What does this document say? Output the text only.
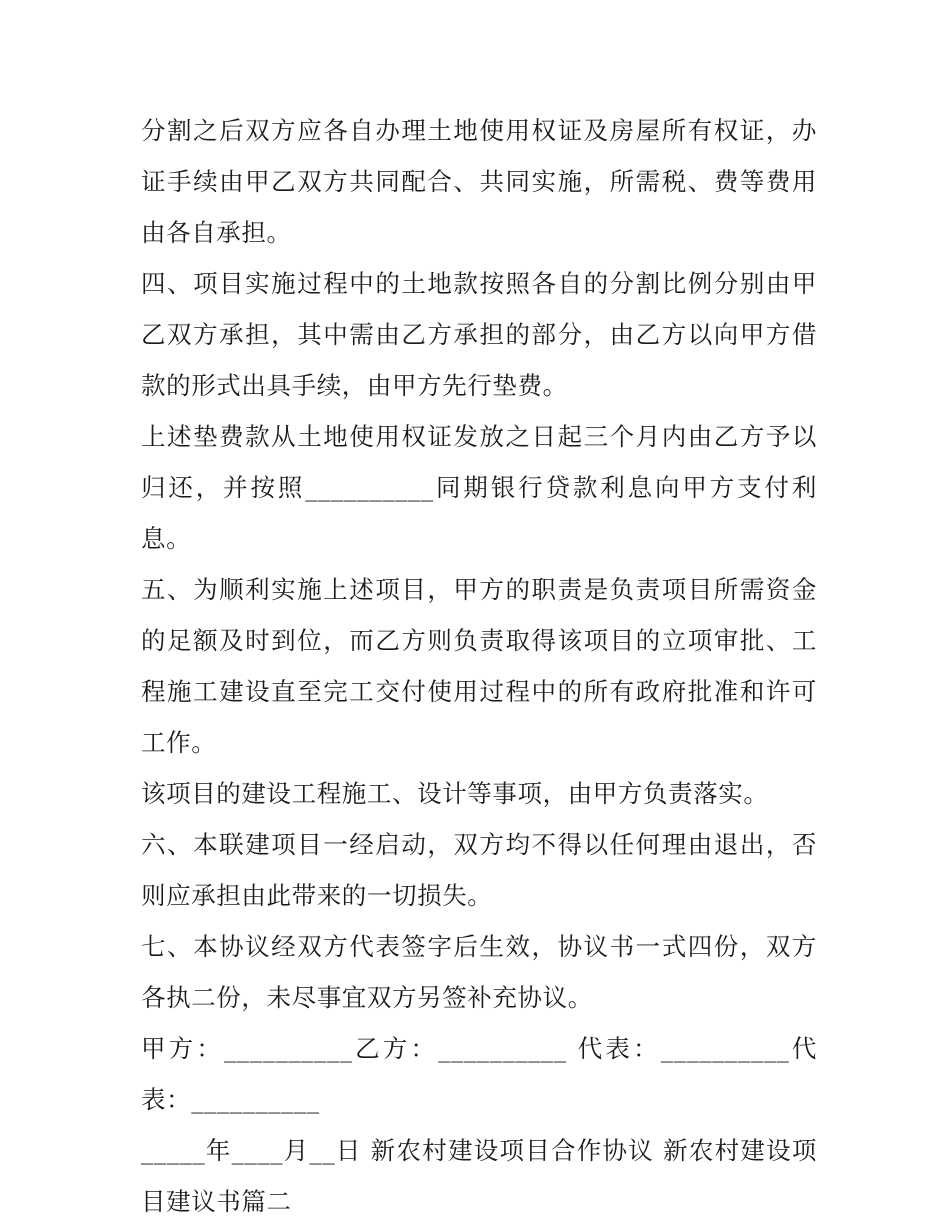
分割之后双方应各自办理土地使用权证及房屋所有权证，办证手续由甲乙双方共同配合、共同实施，所需税、费等费用由各自承担。

四、项目实施过程中的土地款按照各自的分割比例分别由甲乙双方承担，其中需由乙方承担的部分，由乙方以向甲方借款的形式出具手续，由甲方先行垫费。

上述垫费款从土地使用权证发放之日起三个月内由乙方予以归还，并按照__________同期银行贷款利息向甲方支付利息。

五、为顺利实施上述项目，甲方的职责是负责项目所需资金的足额及时到位，而乙方则负责取得该项目的立项审批、工程施工建设直至完工交付使用过程中的所有政府批准和许可工作。

该项目的建设工程施工、设计等事项，由甲方负责落实。

六、本联建项目一经启动，双方均不得以任何理由退出，否则应承担由此带来的一切损失。

七、本协议经双方代表签字后生效，协议书一式四份，双方各执二份，未尽事宜双方另签补充协议。

甲方：__________乙方：__________ 代表：__________代表：__________

_____年____月__日 新农村建设项目合作协议 新农村建设项目建议书篇二
